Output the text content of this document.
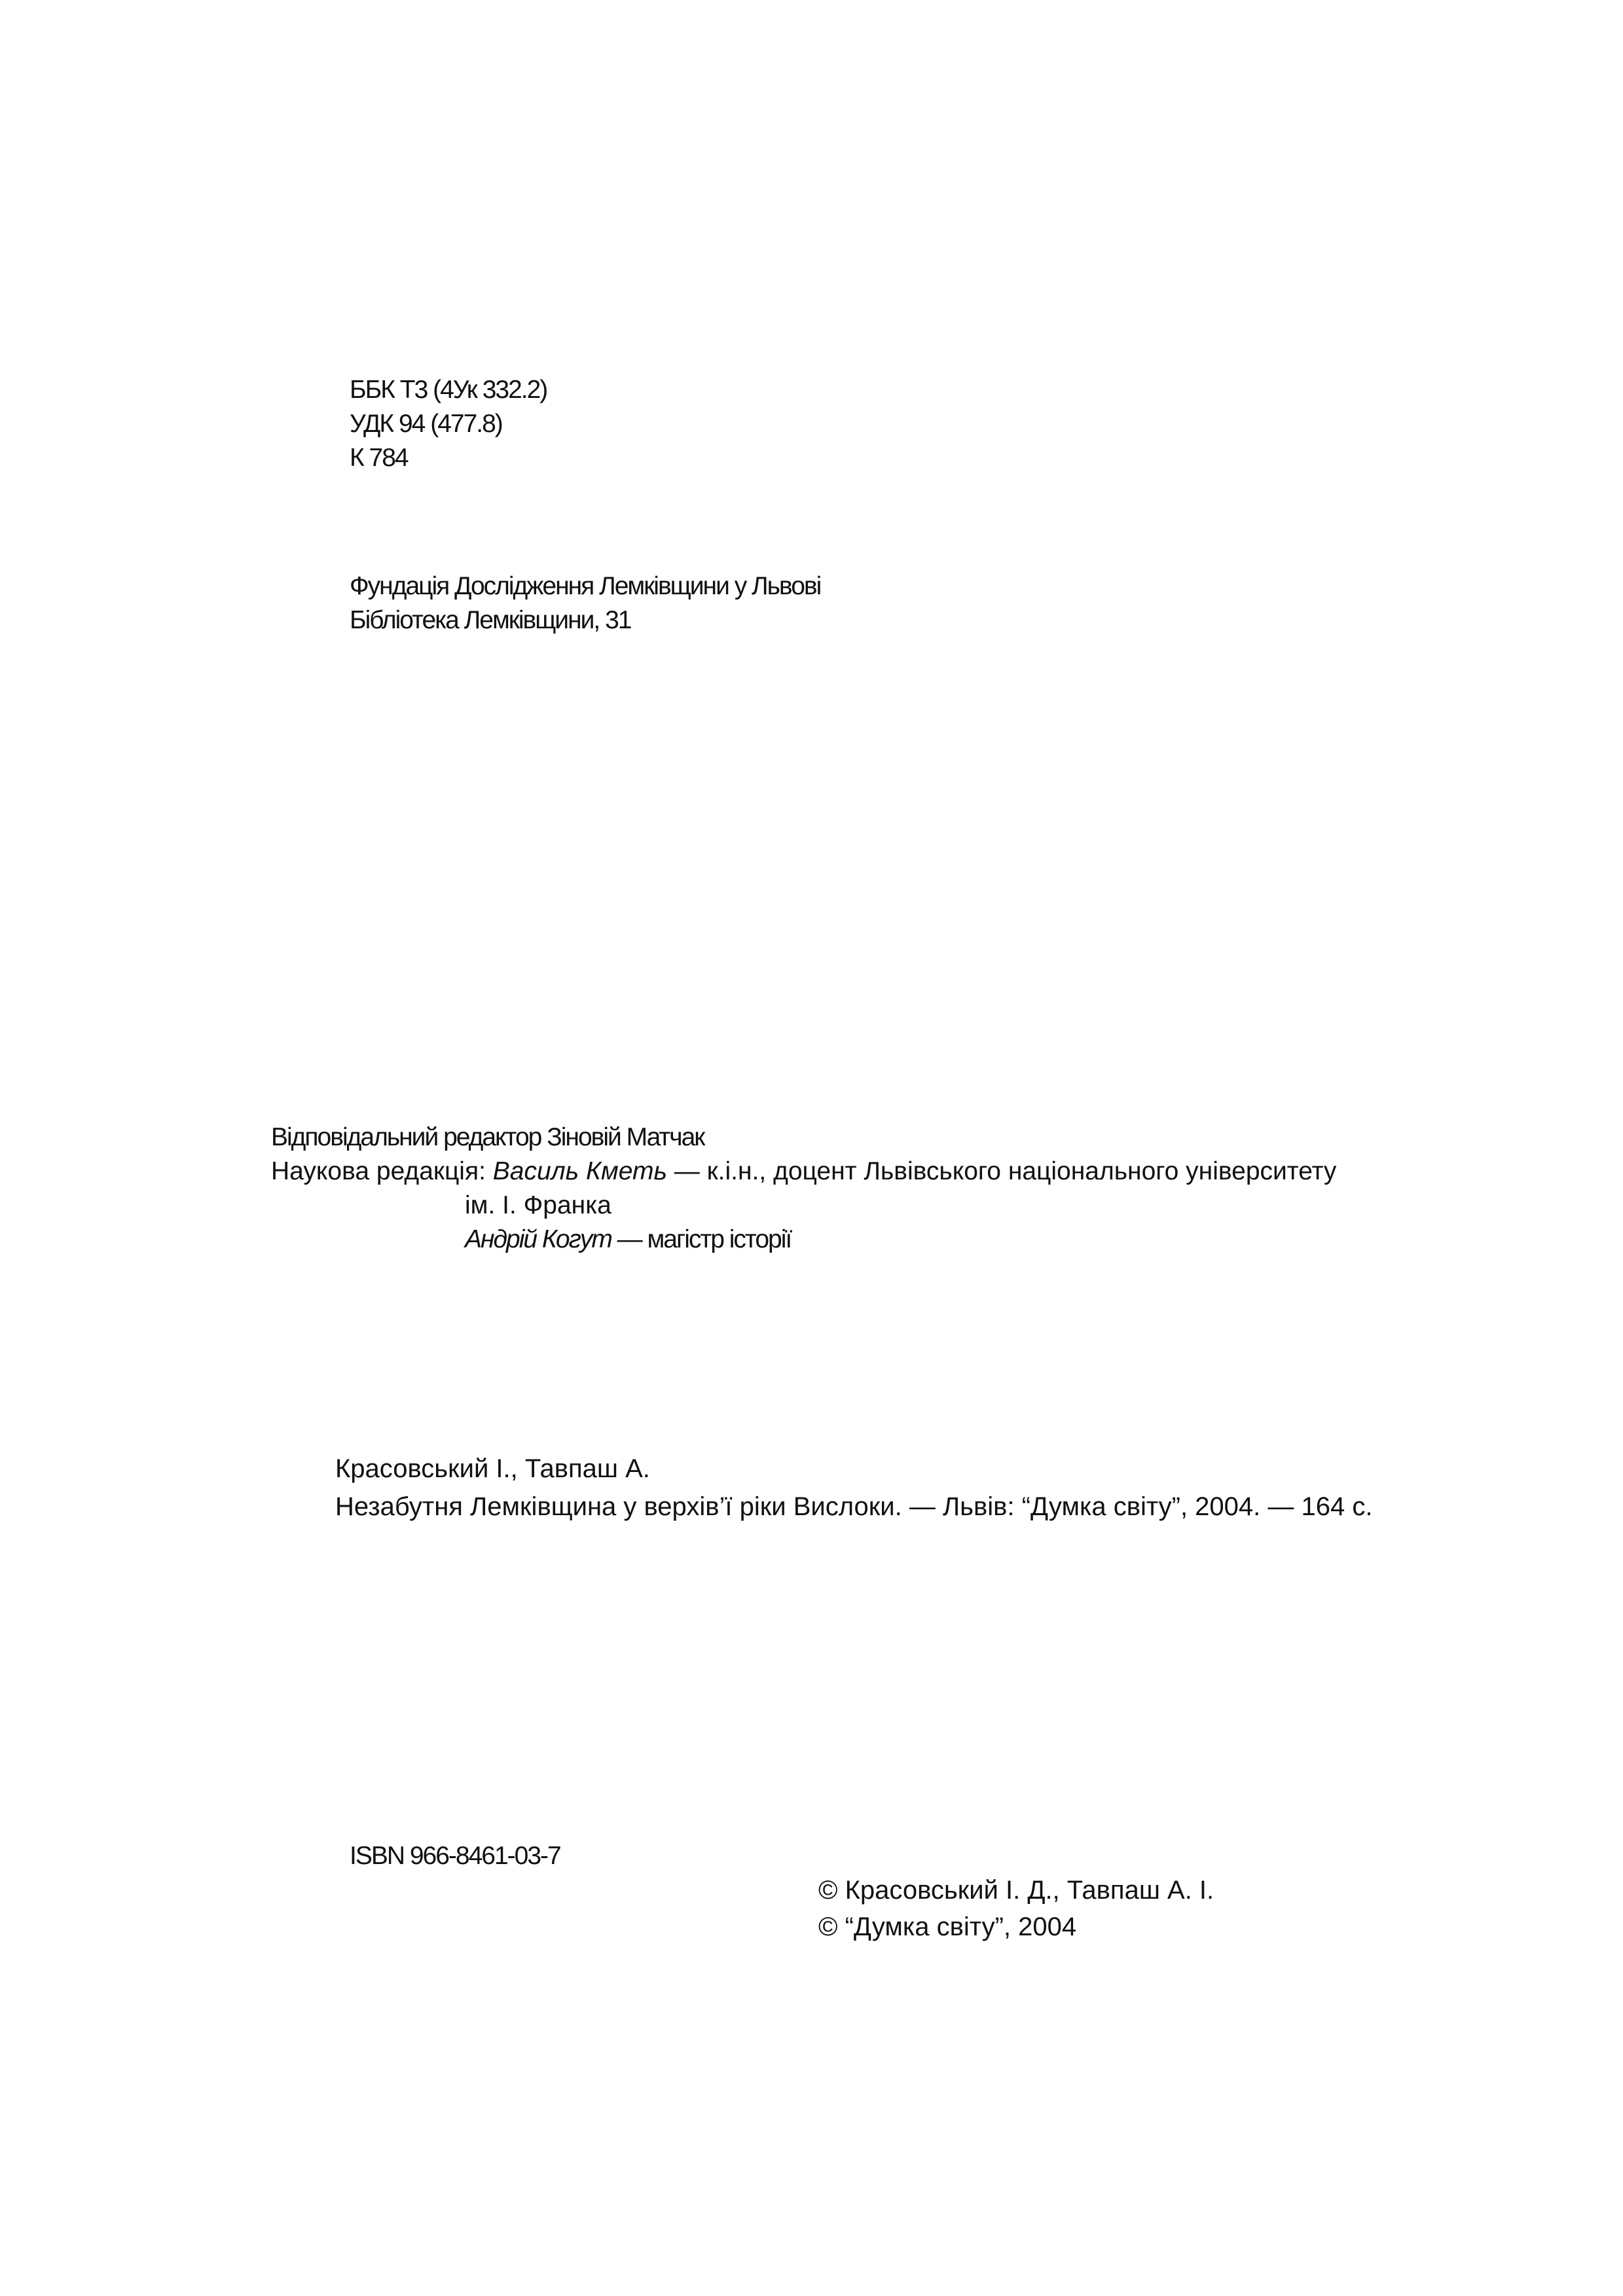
ББК Т3 (4Ук 332.2)
УДК 94 (477.8)
К 784
Фундація Дослідження Лемківщини у Львові
Бібліотека Лемківщини, 31
Відповідальний редактор Зіновій Матчак
Наукова редакція: Василь Кметь — к.і.н., доцент Львівського національного університету
ім. І. Франка
Андрій Когут — магістр історії
Красовський І., Тавпаш А.
Незабутня Лемківщина у верхів’ї ріки Вислоки. — Львів: “Думка світу”, 2004. — 164 с.
ISBN 966-8461-03-7
© Красовський І. Д., Тавпаш А. І.
© “Думка світу”, 2004
